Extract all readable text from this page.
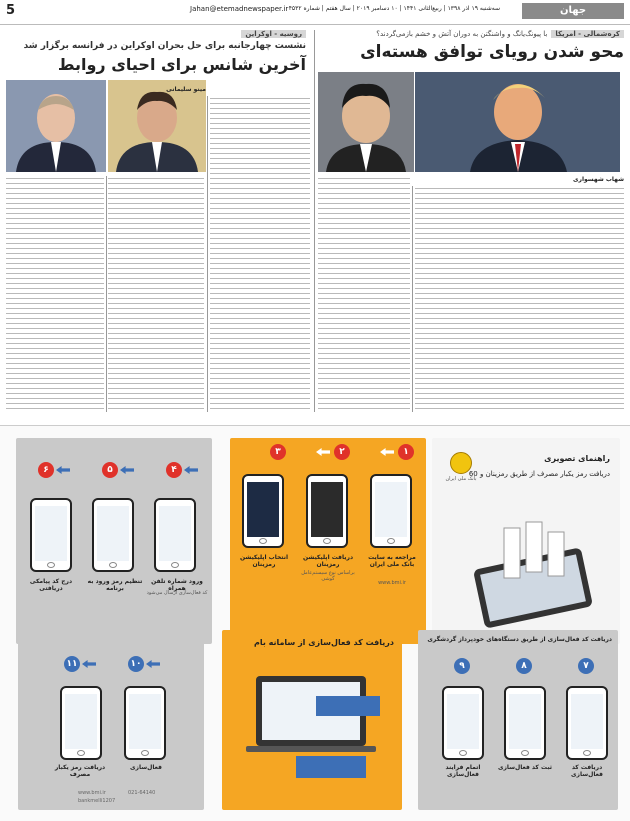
5	Jahan@etemadnewspaper.ir سه‌شنبه ۱۹ آذر ۱۳۹۸ | ربیع‌الثانی ۱۴۴۱ | ۱۰ دسامبر ۲۰۱۹ | سال هفتم | شماره ۴۵۳۲	جهان
کره‌شمالی - امریکابا پیونگ‌یانگ و واشنگتن به دوران آتش و خشم بازمی‌گردند؟
محو شدن رویای توافق هسته‌ای
شهاب شهسواری
روسیه - اوکراین
نشست چهارجانبه برای حل بحران اوکراین در فرانسه برگزار شد
آخرین شانس برای احیای روابط
مینو سلیمانی
بانک ملی ایران
راهنمای تصویری
دریافت رمز یکبار مصرف از طریق رمزینان و 60
۱
۲
۳
مراجعه به سایت بانک ملی ایران
www.bmi.ir
دریافت اپلیکیشن رمزینان
براساس نوع سیستم‌عامل گوشی
انتخاب اپلیکیشن رمزینان
۴
۵
۶
ورود شماره تلفن همراه
کد فعال‌سازی ارسال می‌شود
تنظیم رمز ورود به برنامه
درج کد پیامکی دریافتی
دریافت کد فعال‌سازی از طریق دستگاه‌های خودپرداز گردشگری
۷
۸
۹
دریافت کد فعال‌سازی
ثبت کد فعال‌سازی
اتمام فرایند فعال‌سازی
دریافت کد فعال‌سازی از سامانه بام
۱۰
۱۱
فعال‌سازی
دریافت رمز یکبار مصرف
www.bmi.ir	021-64140
bankmelli1207
